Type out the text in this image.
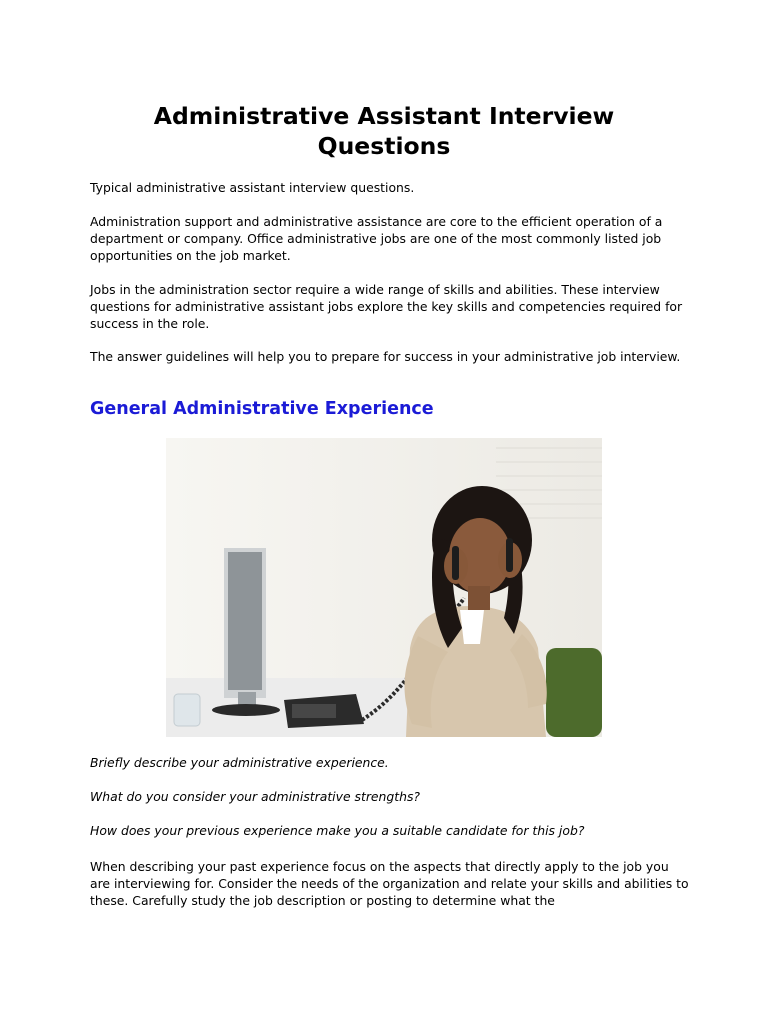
Administrative Assistant Interview Questions

Typical administrative assistant interview questions.

Administration support and administrative assistance are core to the efficient operation of a department or company. Office administrative jobs are one of the most commonly listed job opportunities on the job market.

Jobs in the administration sector require a wide range of skills and abilities. These interview questions for administrative assistant jobs explore the key skills and competencies required for success in the role.

The answer guidelines will help you to prepare for success in your administrative job interview.

General Administrative Experience

Briefly describe your administrative experience.

What do you consider your administrative strengths?

How does your previous experience make you a suitable candidate for this job?

When describing your past experience focus on the aspects that directly apply to the job you are interviewing for. Consider the needs of the organization and relate your skills and abilities to these. Carefully study the job description or posting to determine what the
